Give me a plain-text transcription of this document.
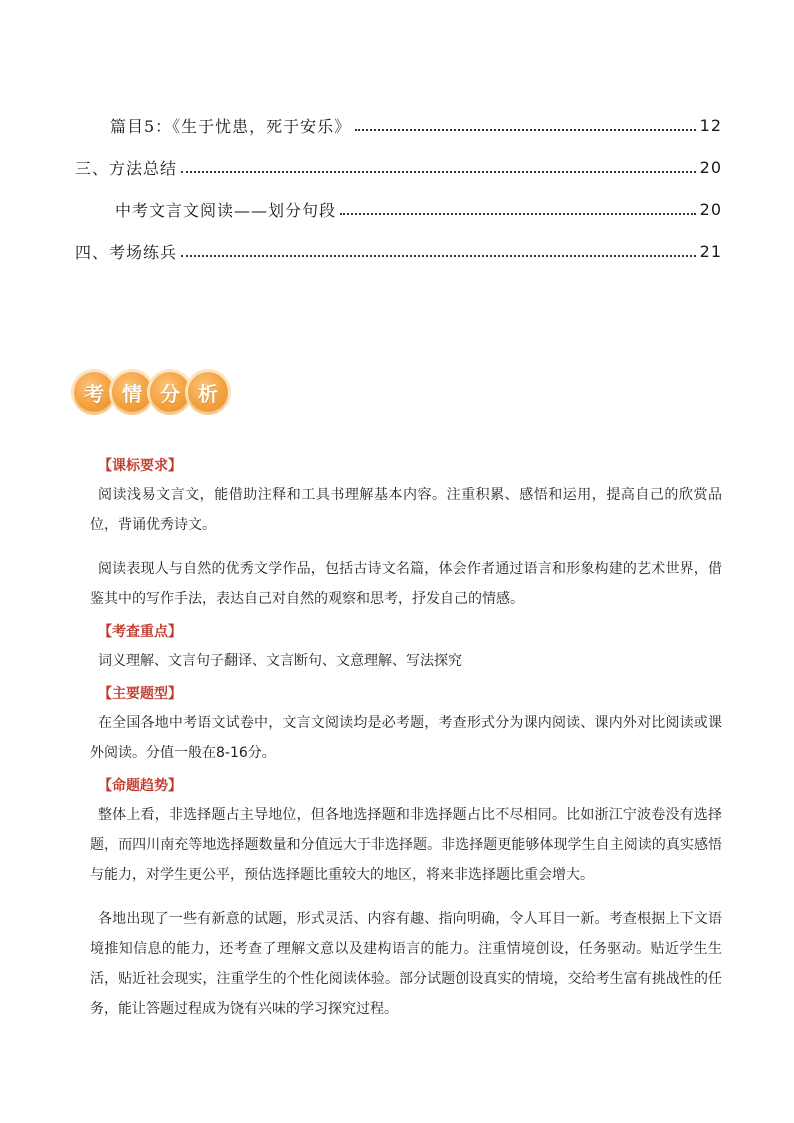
篇目5：《生于忧患，死于安乐》	12
三、方法总结	20
中考文言文阅读——划分句段	20
四、考场练兵	21
考 情 分 析
【课标要求】

阅读浅易文言文，能借助注释和工具书理解基本内容。注重积累、感悟和运用，提高自己的欣赏品位，背诵优秀诗文。

阅读表现人与自然的优秀文学作品，包括古诗文名篇，体会作者通过语言和形象构建的艺术世界，借鉴其中的写作手法，表达自己对自然的观察和思考，抒发自己的情感。

【考查重点】

词义理解、文言句子翻译、文言断句、文意理解、写法探究

【主要题型】

在全国各地中考语文试卷中，文言文阅读均是必考题，考查形式分为课内阅读、课内外对比阅读或课外阅读。分值一般在8-16分。

【命题趋势】

整体上看，非选择题占主导地位，但各地选择题和非选择题占比不尽相同。比如浙江宁波卷没有选择题，而四川南充等地选择题数量和分值远大于非选择题。非选择题更能够体现学生自主阅读的真实感悟与能力，对学生更公平，预估选择题比重较大的地区，将来非选择题比重会增大。

各地出现了一些有新意的试题，形式灵活、内容有趣、指向明确，令人耳目一新。考查根据上下文语境推知信息的能力，还考查了理解文意以及建构语言的能力。注重情境创设，任务驱动。贴近学生生活，贴近社会现实，注重学生的个性化阅读体验。部分试题创设真实的情境，交给考生富有挑战性的任务，能让答题过程成为饶有兴味的学习探究过程。
